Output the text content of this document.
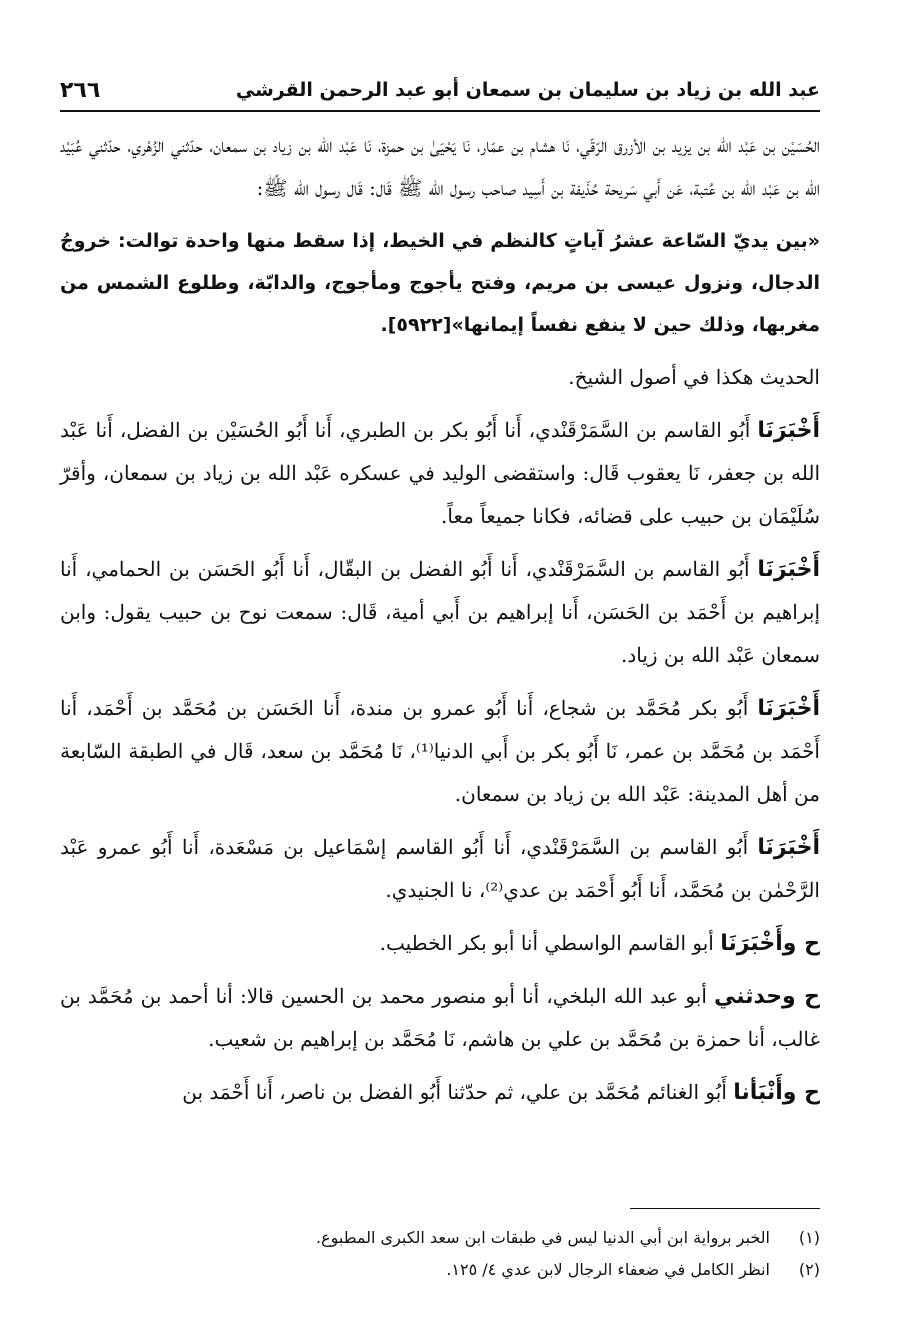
عبد الله بن زياد بن سليمان بن سمعان أبو عبد الرحمن القرشي
٢٦٦

الحُسَيْن بن عَبْد الله بن يزيد بن الأزرق الرّقّي، نَا هشام بن عمّار، نَا يَحْيَىٰ بن حمزة، نَا عَبْد الله بن زياد بن سمعان، حدّثني الزُهْري، حدّثني عُبَيْد الله بن عَبْد الله بن عُتبة، عَن أَبي سَريحة حُذَيفة بن أَسِيد صاحب رسول الله ﷺ قَال: قَال رسول الله ﷺ:

«بين يديّ السّاعة عشرُ آياتٍ كالنظم في الخيط، إذا سقط منها واحدة توالت: خروجُ الدجال، ونزول عيسى بن مريم، وفتح يأجوج ومأجوج، والدابّة، وطلوع الشمس من مغربها، وذلك حين لا ينفع نفساً إيمانها»[٥٩٢٢].

الحديث هكذا في أصول الشيخ.

أَخْبَرَنَا أَبُو القاسم بن السَّمَرْقَنْدي، أَنا أَبُو بكر بن الطبري، أَنا أَبُو الحُسَيْن بن الفضل، أَنا عَبْد الله بن جعفر، نَا يعقوب قَال: واستقضى الوليد في عسكره عَبْد الله بن زياد بن سمعان، وأقرّ سُلَيْمَان بن حبيب على قضائه، فكانا جميعاً معاً.

أَخْبَرَنَا أَبُو القاسم بن السَّمَرْقَنْدي، أَنا أَبُو الفضل بن البقّال، أَنا أَبُو الحَسَن بن الحمامي، أَنا إبراهيم بن أَحْمَد بن الحَسَن، أَنا إبراهيم بن أَبي أمية، قَال: سمعت نوح بن حبيب يقول: وابن سمعان عَبْد الله بن زياد.

أَخْبَرَنَا أَبُو بكر مُحَمَّد بن شجاع، أَنا أَبُو عمرو بن مندة، أَنا الحَسَن بن مُحَمَّد بن أَحْمَد، أَنا أَحْمَد بن مُحَمَّد بن عمر، نَا أَبُو بكر بن أَبي الدنيا⁽¹⁾، نَا مُحَمَّد بن سعد، قَال في الطبقة السّابعة من أهل المدينة: عَبْد الله بن زياد بن سمعان.

أَخْبَرَنَا أَبُو القاسم بن السَّمَرْقَنْدي، أَنا أَبُو القاسم إسْمَاعيل بن مَسْعَدة، أَنا أَبُو عمرو عَبْد الرَّحْمٰن بن مُحَمَّد، أَنا أَبُو أَحْمَد بن عدي⁽²⁾، نا الجنيدي.

ح وأَخْبَرَنَا أبو القاسم الواسطي أنا أبو بكر الخطيب.

ح وحدثني أبو عبد الله البلخي، أنا أبو منصور محمد بن الحسين قالا: أنا أحمد بن مُحَمَّد بن غالب، أنا حمزة بن مُحَمَّد بن علي بن هاشم، نَا مُحَمَّد بن إبراهيم بن شعيب.

ح وأَنْبَأنا أَبُو الغنائم مُحَمَّد بن علي، ثم حدّثنا أَبُو الفضل بن ناصر، أَنا أَحْمَد بن

(١)
الخبر برواية ابن أبي الدنيا ليس في طبقات ابن سعد الكبرى المطبوع.
(٢)
انظر الكامل في ضعفاء الرجال لابن عدي ٤/ ١٢٥.
